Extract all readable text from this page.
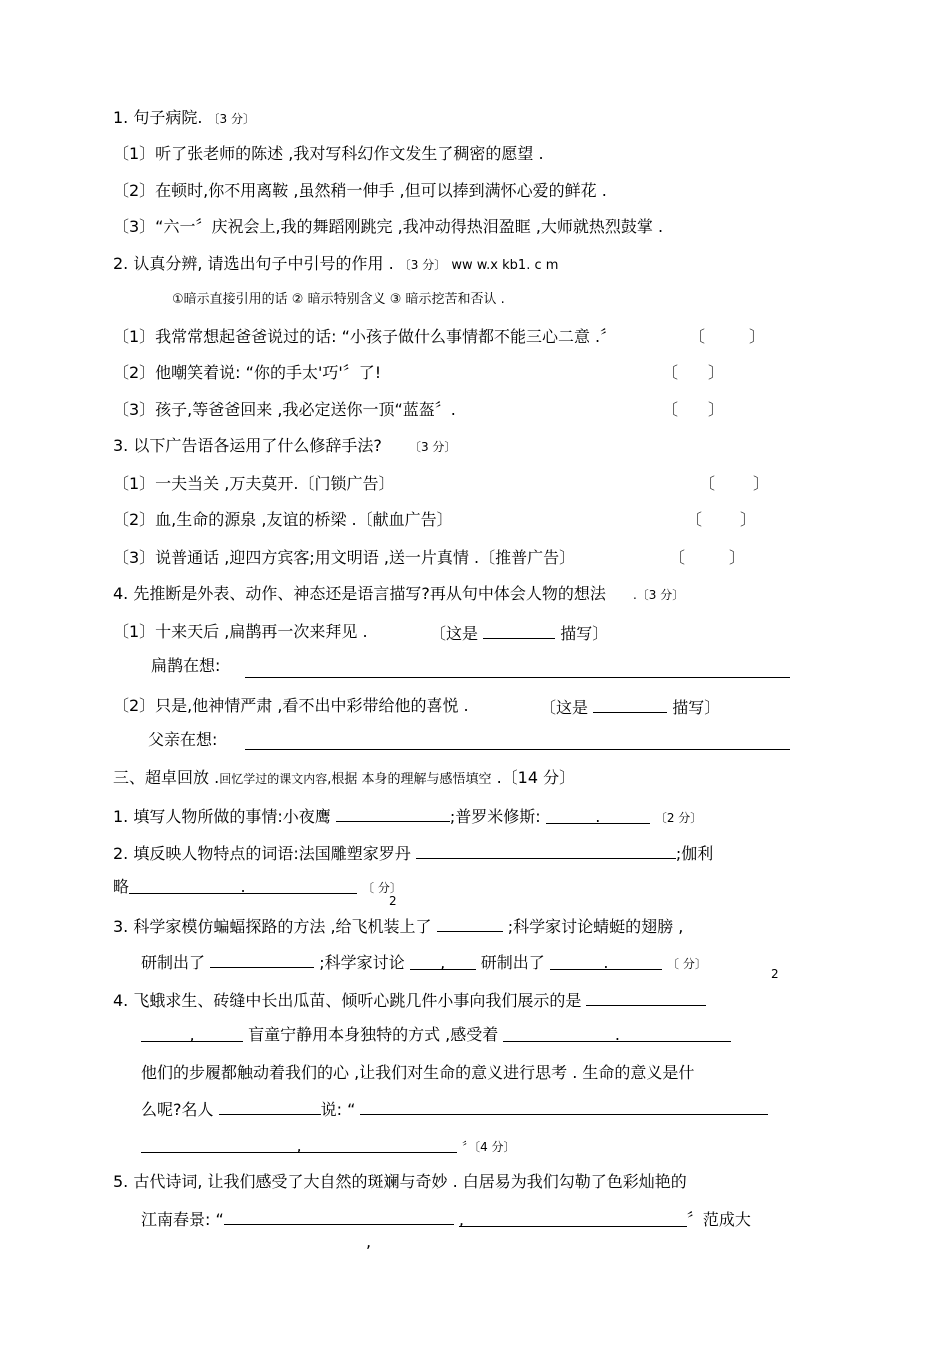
1. 句子病院. 〔3 分〕
〔1〕听了张老师的陈述 ,我对写科幻作文发生了稠密的愿望 .
〔2〕在顿时,你不用离鞍 ,虽然稍一伸手 ,但可以捧到满怀心爱的鲜花 .
〔3〕“六一〞庆祝会上,我的舞蹈刚跳完 ,我冲动得热泪盈眶 ,大师就热烈鼓掌 .
2. 认真分辨, 请选出句子中引号的作用 . 〔3 分〕 ww w.x kb1. c m
①暗示直接引用的话 ② 暗示特别含义 ③ 暗示挖苦和否认 .
〔1〕我常常想起爸爸说过的话: “小孩子做什么事情都不能三心二意 .〞	〔	〕
〔2〕他嘲笑着说: “你的手太'巧'〞了!	〔 〕
〔3〕孩子,等爸爸回来 ,我必定送你一顶“蓝盔〞.	〔 〕
3. 以下广告语各运用了什么修辞手法? 〔3 分〕
〔1〕一夫当关 ,万夫莫开.〔门锁广告〕	〔 〕
〔2〕血,生命的源泉 ,友谊的桥梁 .〔献血广告〕	〔 〕
〔3〕说普通话 ,迎四方宾客;用文明语 ,送一片真情 .〔推普广告〕	〔	〕
4. 先推断是外表、动作、神态还是语言描写?再从句中体会人物的想法 .〔3 分〕
〔1〕十来天后 ,扁鹊再一次来拜见 .	〔这是	描写〕
扁鹊在想:
〔2〕只是,他神情严肃 ,看不出中彩带给他的喜悦 .	〔这是	描写〕
父亲在想:
三、超卓回放 .回忆学过的课文内容,根据 本身的理解与感悟填空 .〔14 分〕
1. 填写人物所做的事情:小夜鹰	;普罗米修斯:	.	〔2 分〕
2. 填反映人物特点的词语:法国雕塑家罗丹	;伽利
略	.	〔 分〕
2
3. 科学家模仿蝙蝠探路的方法 ,给飞机装上了	;科学家讨论蜻蜓的翅膀 ,
研制出了	;科学家讨论 , 研制出了	.	〔 分〕
2
4. 飞蛾求生、砖缝中长出瓜苗、倾听心跳几件小事向我们展示的是
,	盲童宁静用本身独特的方式 ,感受着	.
他们的步履都触动着我们的心 ,让我们对生命的意义进行思考 . 生命的意义是什
么呢?名人	说: “
,	〞〔4 分〕
5. 古代诗词, 让我们感受了大自然的斑斓与奇妙 . 白居易为我们勾勒了色彩灿艳的
江南春景: “	,	〞范成大
,
